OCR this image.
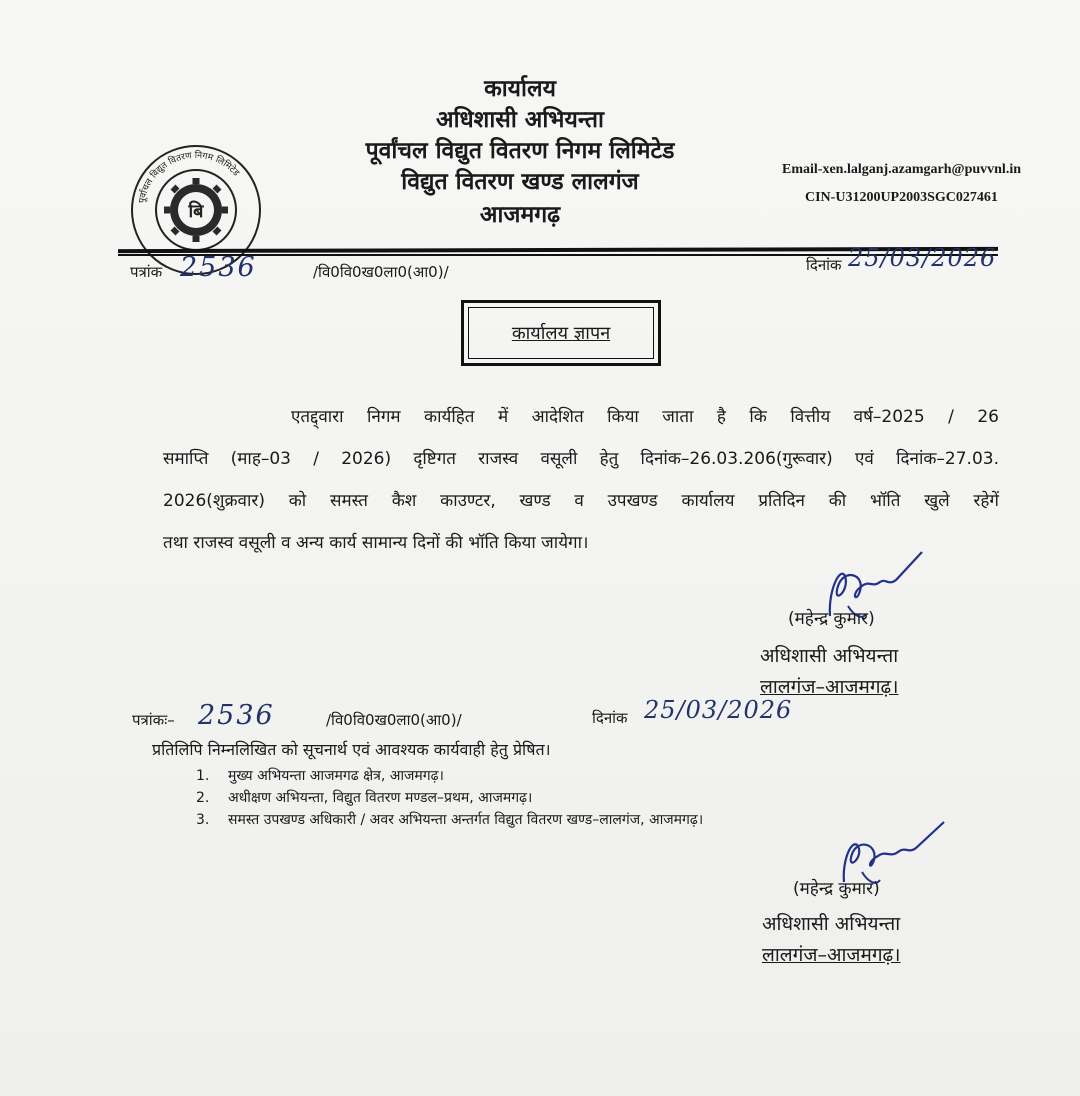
बि
पूर्वांचल विद्युत वितरण निगम लिमिटेड
कार्यालय
अधिशासी अभियन्ता
पूर्वांचल विद्युत वितरण निगम लिमिटेड
विद्युत वितरण खण्ड लालगंज
आजमगढ़
Email-xen.lalganj.azamgarh@puvvnl.in
CIN-U31200UP2003SGC027461
पत्रांक 2536	/वि0वि0ख0ला0(आ0)/	दिनांक 25/03/2026
कार्यालय ज्ञापन
एतद्द्वारा निगम कार्यहित में आदेशित किया जाता है कि वित्तीय वर्ष–2025 / 26
समाप्ति (माह–03 / 2026) दृष्टिगत राजस्व वसूली हेतु दिनांक–26.03.206(गुरूवार) एवं दिनांक–27.03.
2026(शुक्रवार) को समस्त कैश काउण्टर, खण्ड व उपखण्ड कार्यालय प्रतिदिन की भॉति खुले रहेगें
तथा राजस्व वसूली व अन्य कार्य सामान्य दिनों की भॉति किया जायेगा।
(महेन्द्र कुमार)
अधिशासी अभियन्ता
लालगंज–आजमगढ़।
पत्रांकः– 2536	/वि0वि0ख0ला0(आ0)/	दिनांक 25/03/2026
प्रतिलिपि निम्नलिखित को सूचनार्थ एवं आवश्यक कार्यवाही हेतु प्रेषित।
1. मुख्य अभियन्ता आजमगढ क्षेत्र, आजमगढ़।
2. अधीक्षण अभियन्ता, विद्युत वितरण मण्डल–प्रथम, आजमगढ़।
3. समस्त उपखण्ड अधिकारी / अवर अभियन्ता अन्तर्गत विद्युत वितरण खण्ड–लालगंज, आजमगढ़।
(महेन्द्र कुमार)
अधिशासी अभियन्ता
लालगंज–आजमगढ़।
